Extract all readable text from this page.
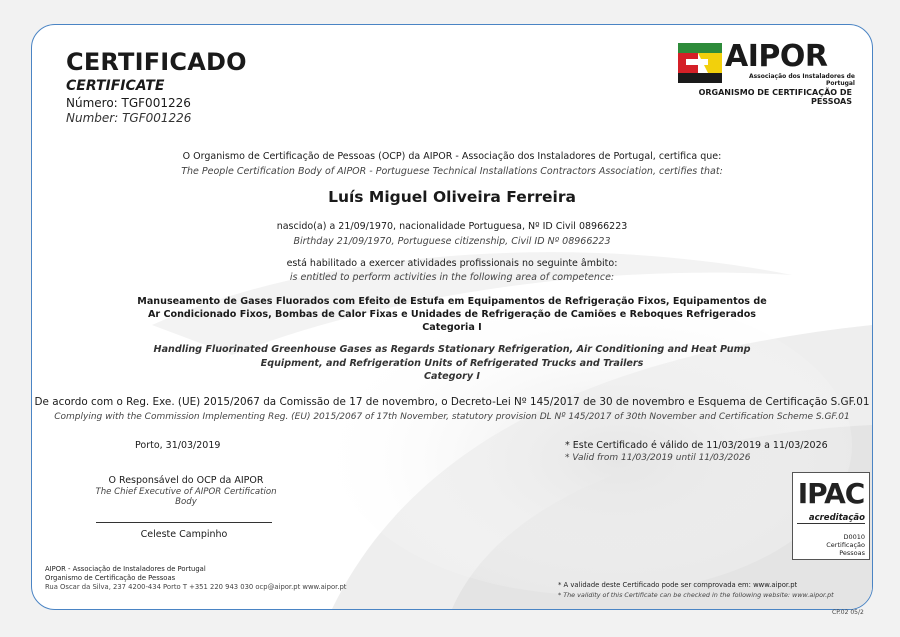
CERTIFICADO
CERTIFICATE
Número: TGF001226
Number: TGF001226
AIPOR
Associação dos Instaladores de Portugal
ORGANISMO DE CERTIFICAÇÃO DE PESSOAS
O Organismo de Certificação de Pessoas (OCP) da AIPOR - Associação dos Instaladores de Portugal, certifica que:
The People Certification Body of AIPOR - Portuguese Technical Installations Contractors Association, certifies that:
Luís Miguel Oliveira Ferreira
nascido(a) a 21/09/1970, nacionalidade Portuguesa, Nº ID Civil 08966223
Birthday 21/09/1970, Portuguese citizenship, Civil ID Nº 08966223
está habilitado a exercer atividades profissionais no seguinte âmbito:
is entitled to perform activities in the following area of competence:
Manuseamento de Gases Fluorados com Efeito de Estufa em Equipamentos de Refrigeração Fixos, Equipamentos de
Ar Condicionado Fixos, Bombas de Calor Fixas e Unidades de Refrigeração de Camiões e Reboques Refrigerados
Categoria I
Handling Fluorinated Greenhouse Gases as Regards Stationary Refrigeration, Air Conditioning and Heat Pump
Equipment, and Refrigeration Units of Refrigerated Trucks and Trailers
Category I
De acordo com o Reg. Exe. (UE) 2015/2067 da Comissão de 17 de novembro, o Decreto-Lei Nº 145/2017 de 30 de novembro e Esquema de Certificação S.GF.01
Complying with the Commission Implementing Reg. (EU) 2015/2067 of 17th November, statutory provision DL Nº 145/2017 of 30th November and Certification Scheme S.GF.01
Porto, 31/03/2019	* Este Certificado é válido de 11/03/2019 a 11/03/2026
* Valid from 11/03/2019 until 11/03/2026
O Responsável do OCP da AIPOR
The Chief Executive of AIPOR Certification Body
Celeste Campinho
IPAC
acreditação
D0010
Certificação
Pessoas
AIPOR - Associação de Instaladores de Portugal
Organismo de Certificação de Pessoas
Rua Oscar da Silva, 237 4200-434 Porto T +351 220 943 030 ocp@aipor.pt www.aipor.pt	* A validade deste Certificado pode ser comprovada em: www.aipor.pt
* The validity of this Certificate can be checked in the following website: www.aipor.pt
CP.02 05/2
